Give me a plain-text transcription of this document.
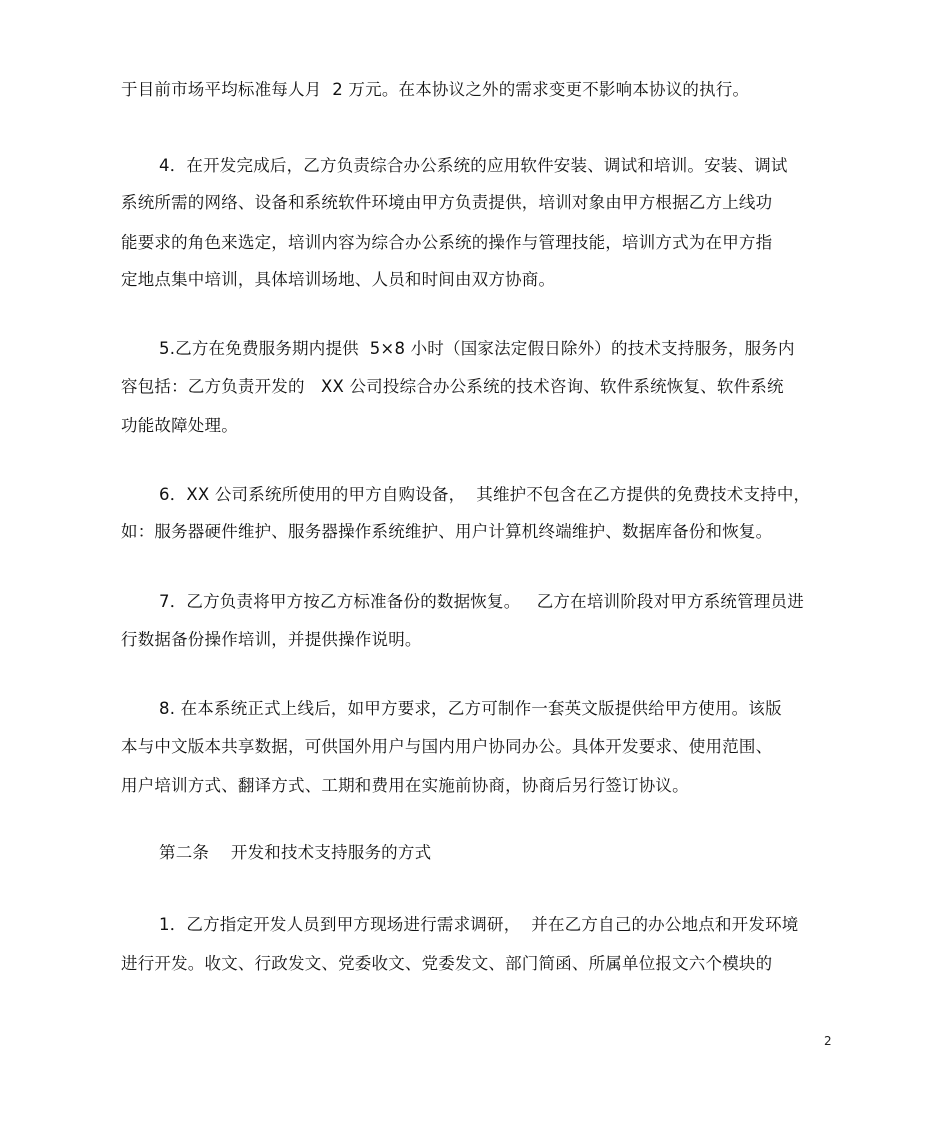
于目前市场平均标准每人月  2 万元。在本协议之外的需求变更不影响本协议的执行。
4．在开发完成后，乙方负责综合办公系统的应用软件安装、调试和培训。安装、调试
系统所需的网络、设备和系统软件环境由甲方负责提供，培训对象由甲方根据乙方上线功
能要求的角色来选定，培训内容为综合办公系统的操作与管理技能，培训方式为在甲方指
定地点集中培训，具体培训场地、人员和时间由双方协商。
5.乙方在免费服务期内提供  5×8 小时（国家法定假日除外）的技术支持服务，服务内
容包括：乙方负责开发的   XX 公司投综合办公系统的技术咨询、软件系统恢复、软件系统
功能故障处理。
6．XX 公司系统所使用的甲方自购设备，  其维护不包含在乙方提供的免费技术支持中，
如：服务器硬件维护、服务器操作系统维护、用户计算机终端维护、数据库备份和恢复。
7．乙方负责将甲方按乙方标准备份的数据恢复。   乙方在培训阶段对甲方系统管理员进
行数据备份操作培训，并提供操作说明。
8. 在本系统正式上线后，如甲方要求，乙方可制作一套英文版提供给甲方使用。该版
本与中文版本共享数据，可供国外用户与国内用户协同办公。具体开发要求、使用范围、
用户培训方式、翻译方式、工期和费用在实施前协商，协商后另行签订协议。
第二条    开发和技术支持服务的方式
1．乙方指定开发人员到甲方现场进行需求调研，  并在乙方自己的办公地点和开发环境
进行开发。收文、行政发文、党委收文、党委发文、部门简函、所属单位报文六个模块的
2
